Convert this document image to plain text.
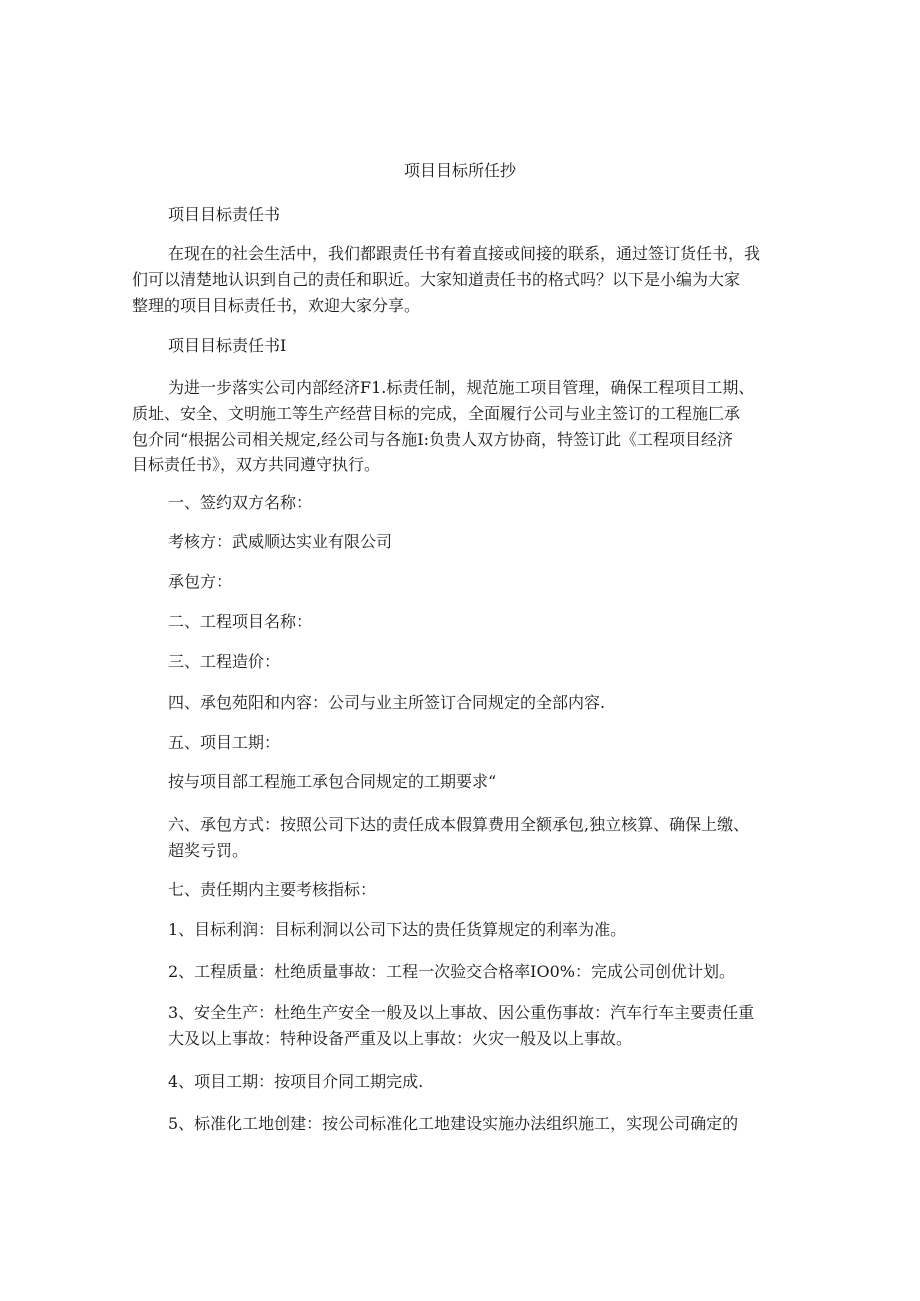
项目目标所任抄
项目目标责任书
在现在的社会生活中，我们都跟责任书有着直接或间接的联系，通过签订货任书，我
们可以清楚地认识到自己的责任和职近。大家知道责任书的格式吗？以下是小编为大家
整理的项目目标责任书，欢迎大家分享。
项目目标责任书I
为进一步落实公司内部经济F1.标责任制，规范施工项目管理，确保工程项目工期、
质址、安全、文明施工等生产经营目标的完成，全面履行公司与业主签订的工程施匚承
包介同“根据公司相关规定,经公司与各施I:负贵人双方协商，特签订此《工程项目经济
目标责任书》，双方共同遵守执行。
一、签约双方名称：
考核方：武威顺达实业有限公司
承包方：
二、工程项目名称：
三、工程造价：
四、承包苑阳和内容：公司与业主所签订合同规定的全部内容.
五、项目工期：
按与项目部工程施工承包合同规定的工期要求“
六、承包方式：按照公司下达的责任成本假算费用全额承包,独立核算、确保上缴、
超奖亏罚。
七、责任期内主要考核指标：
1、目标利润：目标利洞以公司下达的贵任货算规定的利率为准。
2、工程质量：杜绝质量事故：工程一次验交合格率IO0%：完成公司创优计划。
3、安全生产：杜绝生产安全一般及以上事故、因公重伤事故：汽车行车主要责任重
大及以上事故：特种设备严重及以上事故：火灾一般及以上事故。
4、项目工期：按项目介同工期完成.
5、标准化工地创建：按公司标准化工地建设实施办法组织施工，实现公司确定的
